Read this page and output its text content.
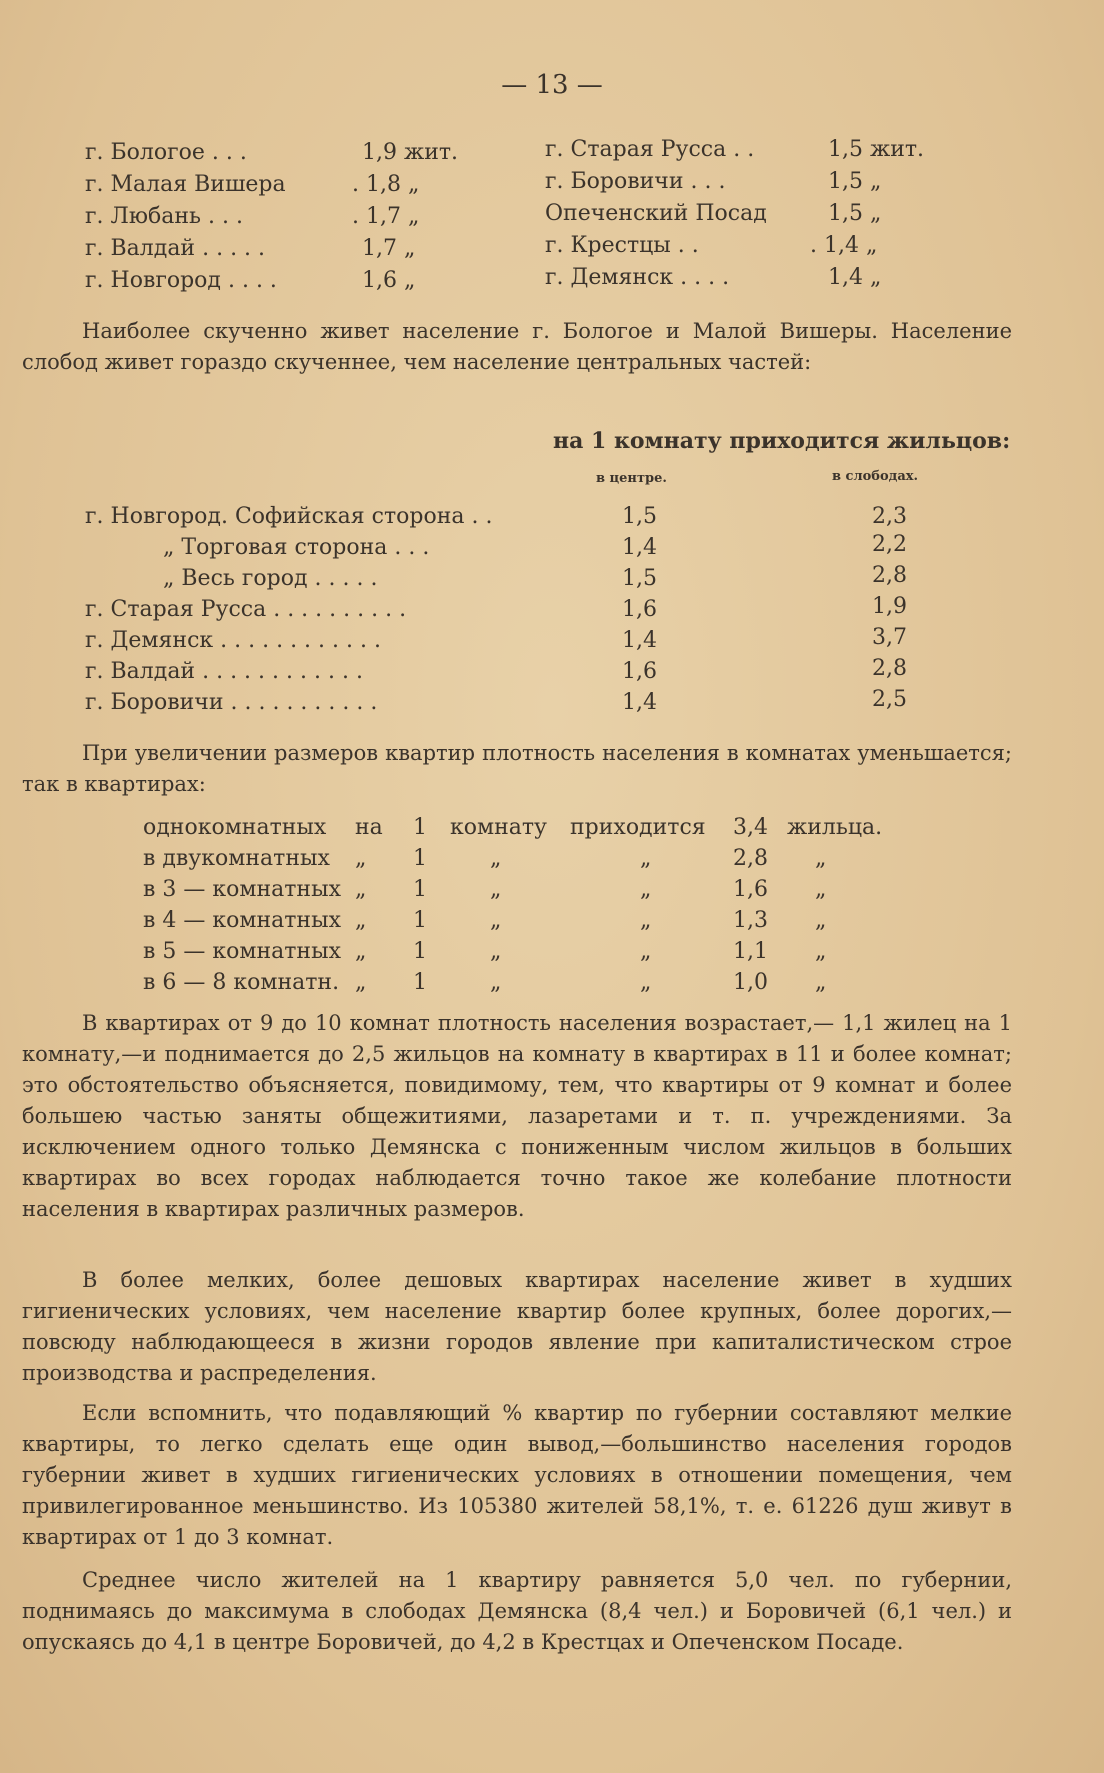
— 13 —
г. Бологое . . .	1,9 жит.
г. Малая Вишера	. 1,8 „
г. Любань . . .	. 1,7 „
г. Валдай . . . . .	1,7 „
г. Новгород . . . .	1,6 „
г. Старая Русса . .	1,5 жит.
г. Боровичи . . .	1,5 „
Опеченский Посад	1,5 „
г. Крестцы . .	. 1,4 „
г. Демянск . . . .	1,4 „

Наиболее скученно живет население г. Бологое и Малой Вишеры. Население слобод живет гораздо скученнее, чем население центральных частей:

на 1 комнату приходится жильцов:
в центре.	в слободах.
г. Новгород. Софийская сторона . .	1,5	2,3
„ Торговая сторона . . .	1,4	2,2
„ Весь город . . . . .	1,5	2,8
г. Старая Русса . . . . . . . . . .	1,6	1,9
г. Демянск . . . . . . . . . . . .	1,4	3,7
г. Валдай . . . . . . . . . . . .	1,6	2,8
г. Боровичи . . . . . . . . . . .	1,4	2,5

При увеличении размеров квартир плотность населения в комнатах уменьшается; так в квартирах:

однокомнатных на 1 комнату приходится 3,4 жильца.
в двукомнатных „ 1	„	„	2,8 „
в 3 — комнатных „ 1	„	„	1,6 „
в 4 — комнатных „ 1	„	„	1,3 „
в 5 — комнатных „ 1	„	„	1,1 „
в 6 — 8 комнатн. „ 1	„	„	1,0 „

В квартирах от 9 до 10 комнат плотность населения возрастает,— 1,1 жилец на 1 комнату,—и поднимается до 2,5 жильцов на комнату в квартирах в 11 и более комнат; это обстоятельство объясняется, повидимому, тем, что квартиры от 9 комнат и более большею частью заняты общежитиями, лазаретами и т. п. учреждениями. За исключением одного только Демянска с пониженным числом жильцов в больших квартирах во всех городах наблюдается точно такое же колебание плотности населения в квартирах различных размеров.

В более мелких, более дешовых квартирах население живет в худших гигиенических условиях, чем население квартир более крупных, более дорогих,—повсюду наблюдающееся в жизни городов явление при капиталистическом строе производства и распределения.

Если вспомнить, что подавляющий % квартир по губернии составляют мелкие квартиры, то легко сделать еще один вывод,—большинство населения городов губернии живет в худших гигиенических условиях в отношении помещения, чем привилегированное меньшинство. Из 105380 жителей 58,1%, т. е. 61226 душ живут в квартирах от 1 до 3 комнат.

Среднее число жителей на 1 квартиру равняется 5,0 чел. по губернии, поднимаясь до максимума в слободах Демянска (8,4 чел.) и Боровичей (6,1 чел.) и опускаясь до 4,1 в центре Боровичей, до 4,2 в Крестцах и Опеченском Посаде.
